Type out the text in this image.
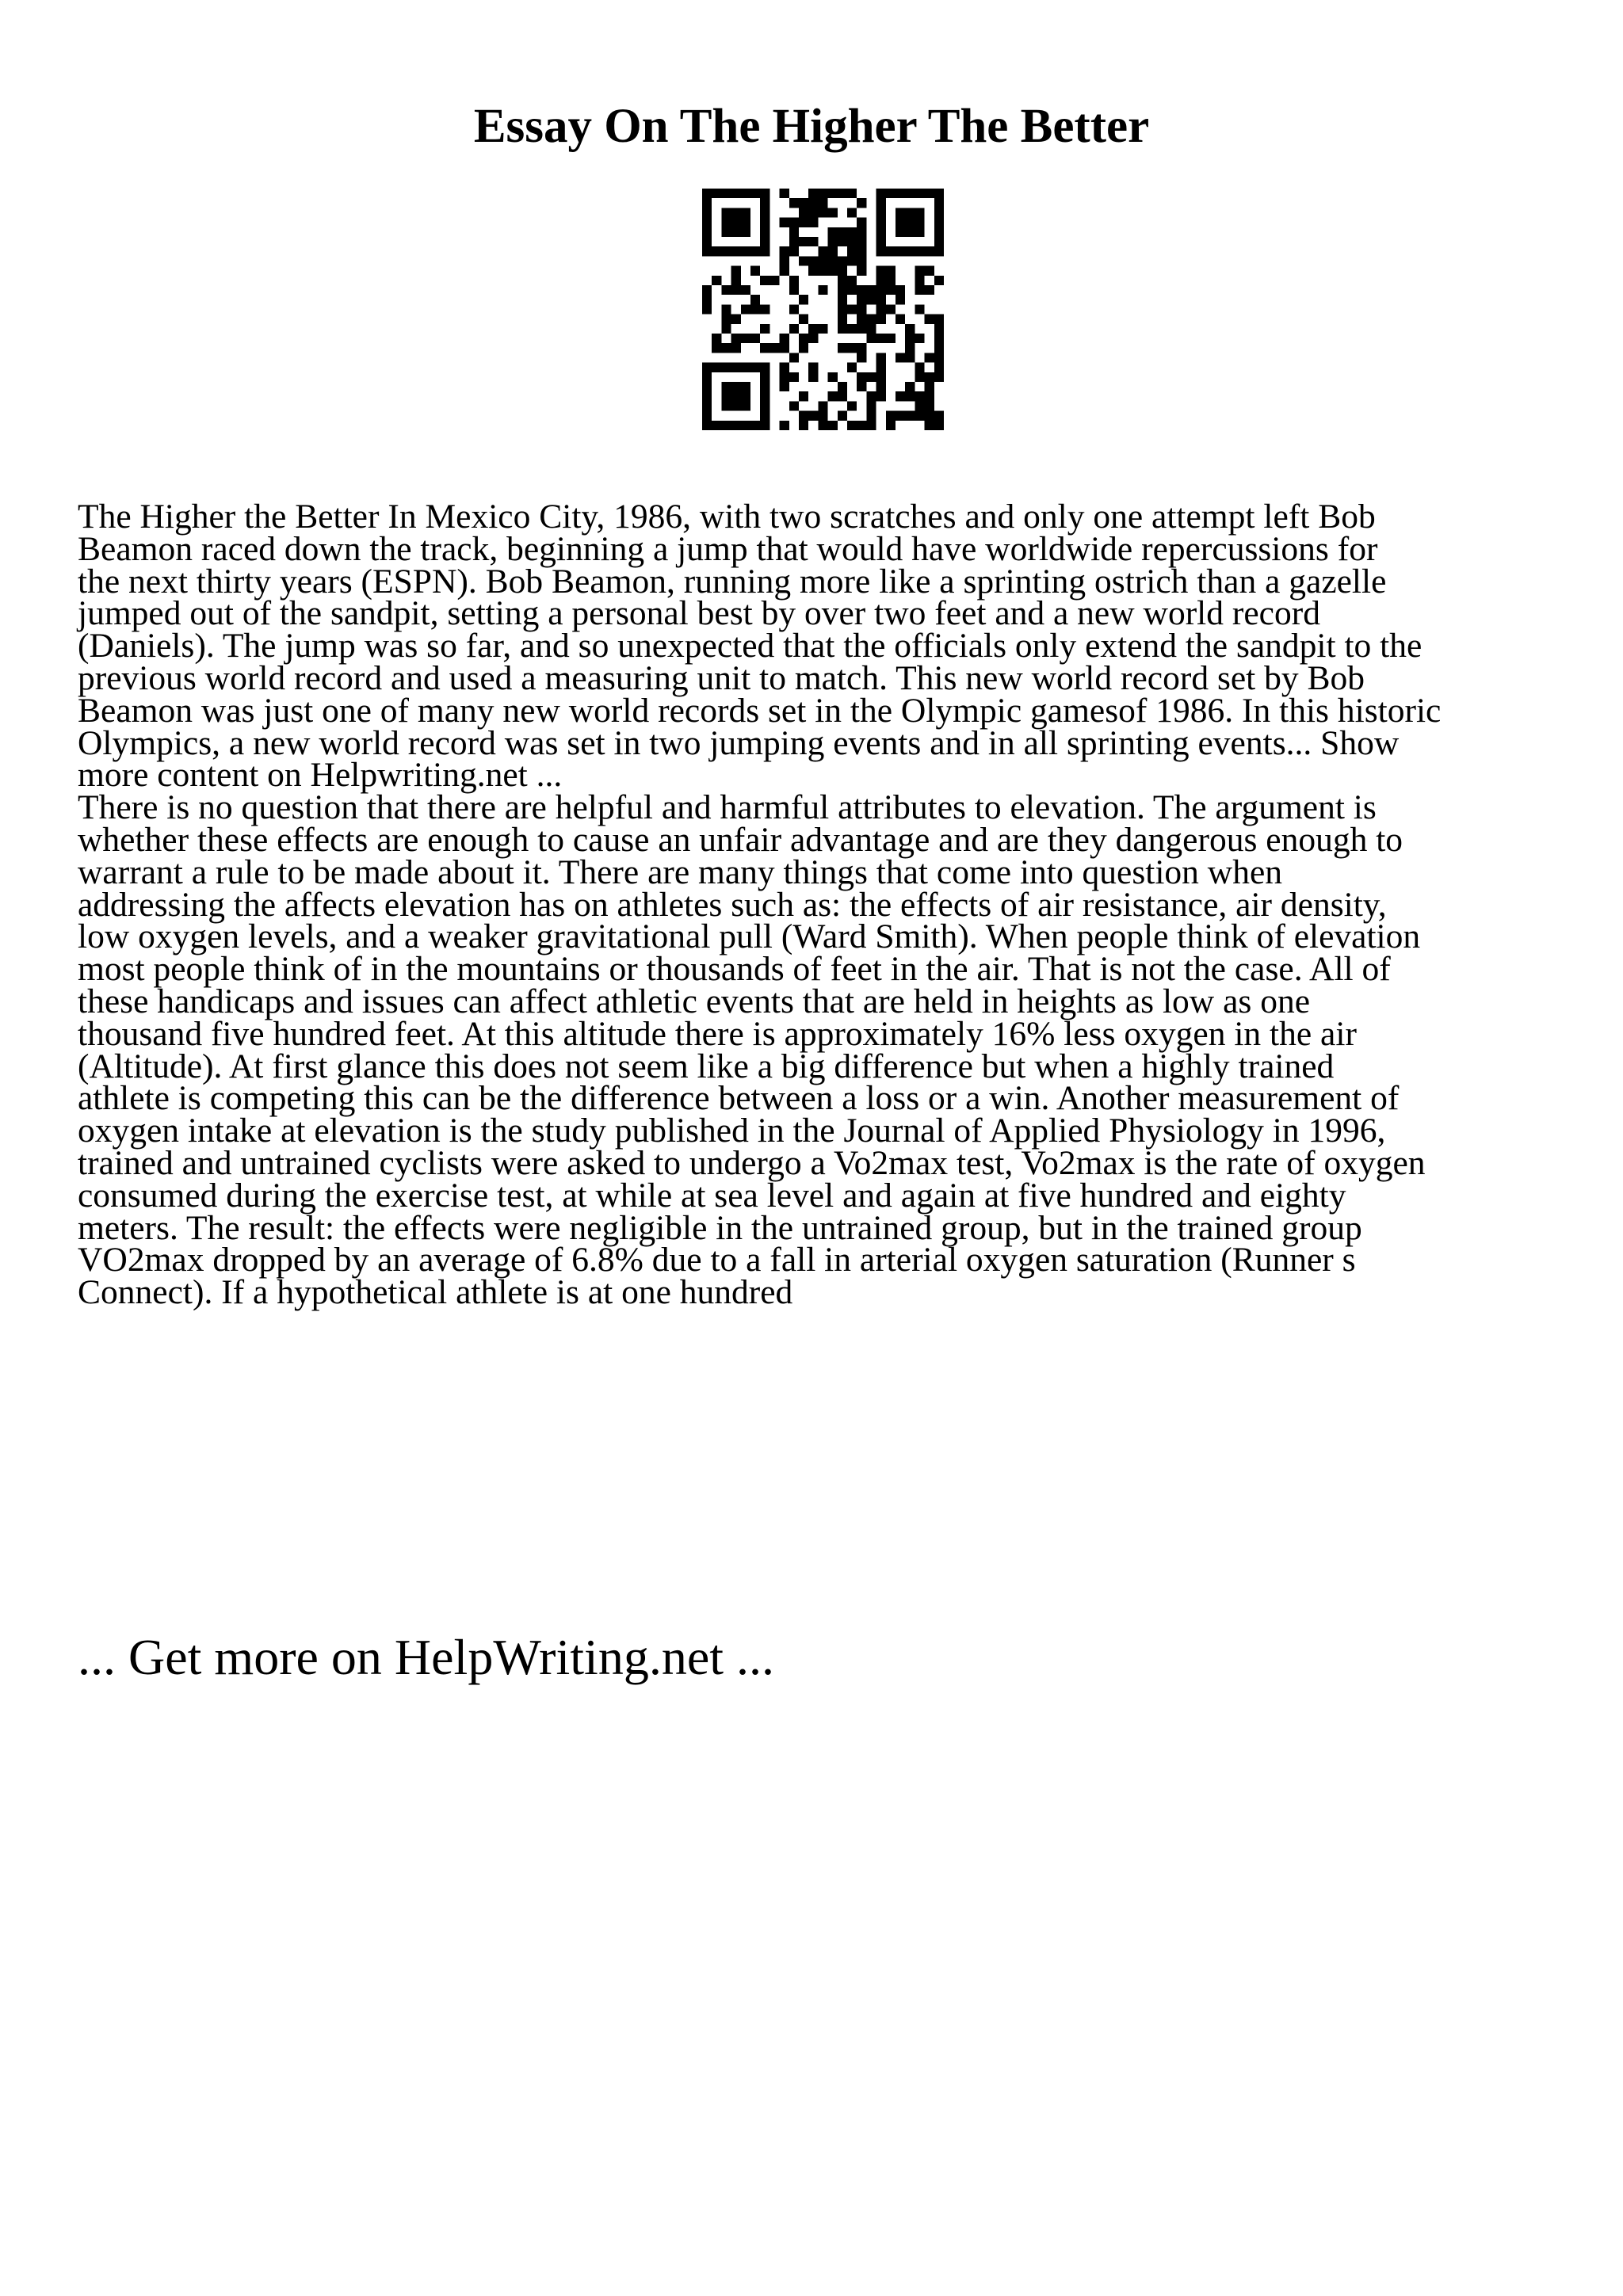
Essay On The Higher The Better

The Higher the Better In Mexico City, 1986, with two scratches and only one attempt left Bob
Beamon raced down the track, beginning a jump that would have worldwide repercussions for
the next thirty years (ESPN). Bob Beamon, running more like a sprinting ostrich than a gazelle
jumped out of the sandpit, setting a personal best by over two feet and a new world record
(Daniels). The jump was so far, and so unexpected that the officials only extend the sandpit to the
previous world record and used a measuring unit to match. This new world record set by Bob
Beamon was just one of many new world records set in the Olympic gamesof 1986. In this historic
Olympics, a new world record was set in two jumping events and in all sprinting events... Show
more content on Helpwriting.net ...

There is no question that there are helpful and harmful attributes to elevation. The argument is
whether these effects are enough to cause an unfair advantage and are they dangerous enough to
warrant a rule to be made about it. There are many things that come into question when
addressing the affects elevation has on athletes such as: the effects of air resistance, air density,
low oxygen levels, and a weaker gravitational pull (Ward Smith). When people think of elevation
most people think of in the mountains or thousands of feet in the air. That is not the case. All of
these handicaps and issues can affect athletic events that are held in heights as low as one
thousand five hundred feet. At this altitude there is approximately 16% less oxygen in the air
(Altitude). At first glance this does not seem like a big difference but when a highly trained
athlete is competing this can be the difference between a loss or a win. Another measurement of
oxygen intake at elevation is the study published in the Journal of Applied Physiology in 1996,
trained and untrained cyclists were asked to undergo a Vo2max test, Vo2max is the rate of oxygen
consumed during the exercise test, at while at sea level and again at five hundred and eighty
meters. The result: the effects were negligible in the untrained group, but in the trained group
VO2max dropped by an average of 6.8% due to a fall in arterial oxygen saturation (Runner s
Connect). If a hypothetical athlete is at one hundred

... Get more on HelpWriting.net ...
